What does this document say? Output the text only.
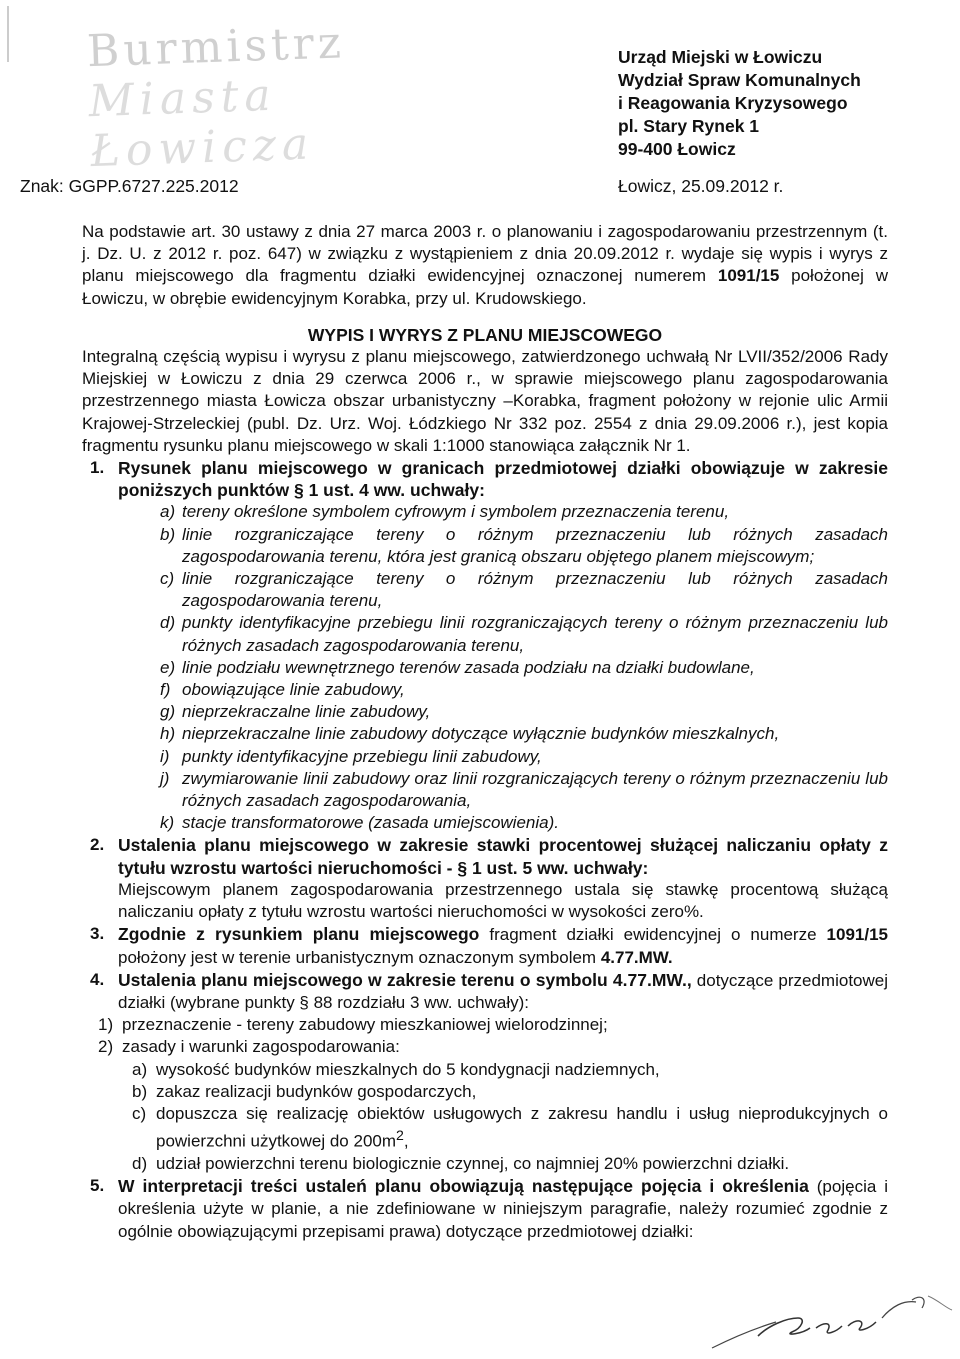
Burmistrz
Miasta Łowicza
Urząd Miejski w Łowiczu
Wydział Spraw Komunalnych
i Reagowania Kryzysowego
pl. Stary Rynek 1
99-400 Łowicz
Znak: GGPP.6727.225.2012	Łowicz, 25.09.2012 r.

Na podstawie art. 30 ustawy z dnia 27 marca 2003 r. o planowaniu i zagospodarowaniu przestrzennym (t. j. Dz. U. z 2012 r. poz. 647) w związku z wystąpieniem z dnia 20.09.2012 r. wydaje się wypis i wyrys z planu miejscowego dla fragmentu działki ewidencyjnej oznaczonej numerem 1091/15 położonej w Łowiczu, w obrębie ewidencyjnym Korabka, przy ul. Krudowskiego.

WYPIS I WYRYS Z PLANU MIEJSCOWEGO

Integralną częścią wypisu i wyrysu z planu miejscowego, zatwierdzonego uchwałą Nr LVII/352/2006 Rady Miejskiej w Łowiczu z dnia 29 czerwca 2006 r., w sprawie miejscowego planu zagospodarowania przestrzennego miasta Łowicza obszar urbanistyczny –Korabka, fragment położony w rejonie ulic Armii Krajowej-Strzeleckiej (publ. Dz. Urz. Woj. Łódzkiego Nr 332 poz. 2554 z dnia 29.09.2006 r.), jest kopia fragmentu rysunku planu miejscowego w skali 1:1000 stanowiąca załącznik Nr 1.

1. Rysunek planu miejscowego w granicach przedmiotowej działki obowiązuje w zakresie poniższych punktów § 1 ust. 4 ww. uchwały:
a) tereny określone symbolem cyfrowym i symbolem przeznaczenia terenu,
b) linie rozgraniczające tereny o różnym przeznaczeniu lub różnych zasadach zagospodarowania terenu, która jest granicą obszaru objętego planem miejscowym;
c) linie rozgraniczające tereny o różnym przeznaczeniu lub różnych zasadach zagospodarowania terenu,
d) punkty identyfikacyjne przebiegu linii rozgraniczających tereny o różnym przeznaczeniu lub różnych zasadach zagospodarowania terenu,
e) linie podziału wewnętrznego terenów zasada podziału na działki budowlane,
f) obowiązujące linie zabudowy,
g) nieprzekraczalne linie zabudowy,
h) nieprzekraczalne linie zabudowy dotyczące wyłącznie budynków mieszkalnych,
i) punkty identyfikacyjne przebiegu linii zabudowy,
j) zwymiarowanie linii zabudowy oraz linii rozgraniczających tereny o różnym przeznaczeniu lub różnych zasadach zagospodarowania,
k) stacje transformatorowe (zasada umiejscowienia).
2. Ustalenia planu miejscowego w zakresie stawki procentowej służącej naliczaniu opłaty z tytułu wzrostu wartości nieruchomości - § 1 ust. 5 ww. uchwały:
Miejscowym planem zagospodarowania przestrzennego ustala się stawkę procentową służącą naliczaniu opłaty z tytułu wzrostu wartości nieruchomości w wysokości zero%.
3. Zgodnie z rysunkiem planu miejscowego fragment działki ewidencyjnej o numerze 1091/15 położony jest w terenie urbanistycznym oznaczonym symbolem 4.77.MW.
4. Ustalenia planu miejscowego w zakresie terenu o symbolu 4.77.MW., dotyczące przedmiotowej działki (wybrane punkty § 88 rozdziału 3 ww. uchwały):
1) przeznaczenie - tereny zabudowy mieszkaniowej wielorodzinnej;
2) zasady i warunki zagospodarowania:
a) wysokość budynków mieszkalnych do 5 kondygnacji nadziemnych,
b) zakaz realizacji budynków gospodarczych,
c) dopuszcza się realizację obiektów usługowych z zakresu handlu i usług nieprodukcyjnych o powierzchni użytkowej do $200m^2$,
d) udział powierzchni terenu biologicznie czynnej, co najmniej 20% powierzchni działki.
5. W interpretacji treści ustaleń planu obowiązują następujące pojęcia i określenia (pojęcia i określenia użyte w planie, a nie zdefiniowane w niniejszym paragrafie, należy rozumieć zgodnie z ogólnie obowiązującymi przepisami prawa) dotyczące przedmiotowej działki:
